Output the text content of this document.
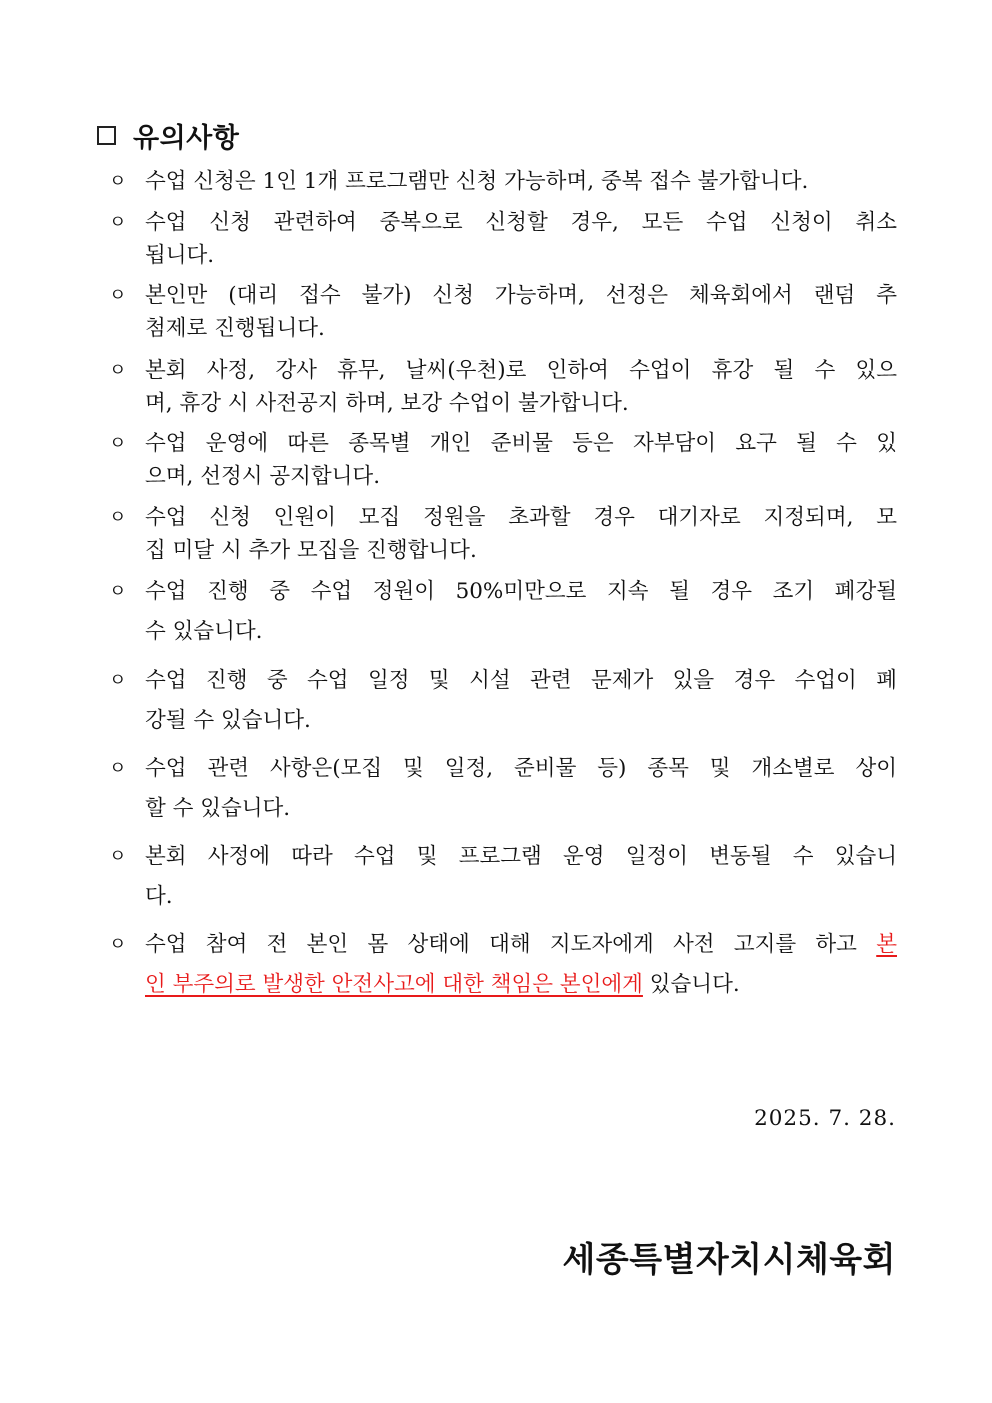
유의사항
ㅇ 수업 신청은 1인 1개 프로그램만 신청 가능하며, 중복 접수 불가합니다.
ㅇ 수업 신청 관련하여 중복으로 신청할 경우, 모든 수업 신청이 취소
됩니다.
ㅇ 본인만 (대리 접수 불가) 신청 가능하며, 선정은 체육회에서 랜덤 추
첨제로 진행됩니다.
ㅇ 본회 사정, 강사 휴무, 날씨(우천)로 인하여 수업이 휴강 될 수 있으
며, 휴강 시 사전공지 하며, 보강 수업이 불가합니다.
ㅇ 수업 운영에 따른 종목별 개인 준비물 등은 자부담이 요구 될 수 있
으며, 선정시 공지합니다.
ㅇ 수업 신청 인원이 모집 정원을 초과할 경우 대기자로 지정되며, 모
집 미달 시 추가 모집을 진행합니다.
ㅇ 수업 진행 중 수업 정원이 50%미만으로 지속 될 경우 조기 폐강될
수 있습니다.
ㅇ 수업 진행 중 수업 일정 및 시설 관련 문제가 있을 경우 수업이 폐
강될 수 있습니다.
ㅇ 수업 관련 사항은(모집 및 일정, 준비물 등) 종목 및 개소별로 상이
할 수 있습니다.
ㅇ 본회 사정에 따라 수업 및 프로그램 운영 일정이 변동될 수 있습니
다.
ㅇ 수업 참여 전 본인 몸 상태에 대해 지도자에게 사전 고지를 하고 본
인 부주의로 발생한 안전사고에 대한 책임은 본인에게 있습니다.
2025. 7. 28.
세종특별자치시체육회
